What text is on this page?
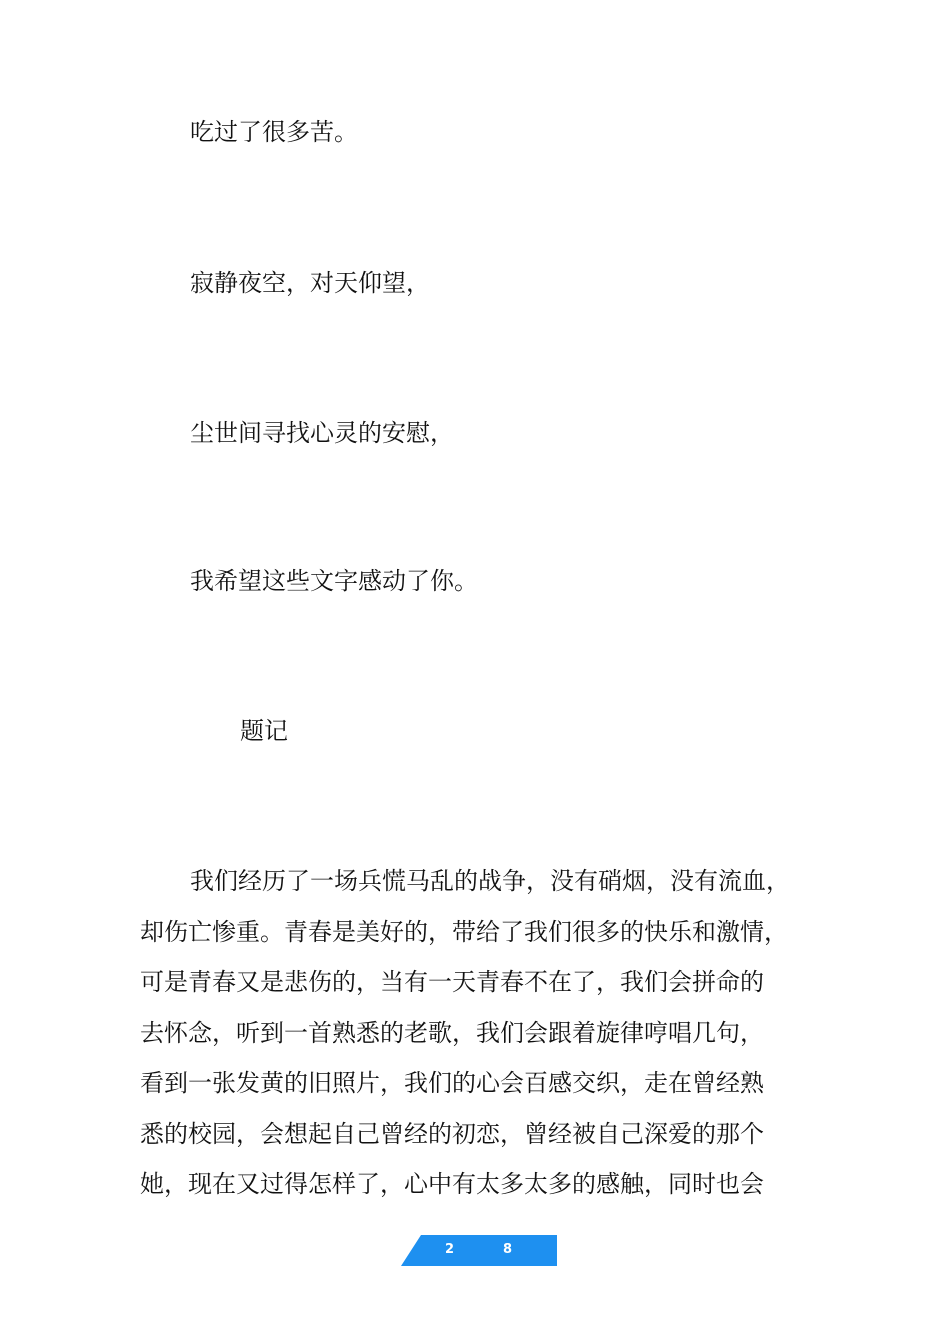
吃过了很多苦。

寂静夜空，对天仰望，

尘世间寻找心灵的安慰，

我希望这些文字感动了你。

题记

我们经历了一场兵慌马乱的战争，没有硝烟，没有流血，
却伤亡惨重。青春是美好的，带给了我们很多的快乐和激情，
可是青春又是悲伤的，当有一天青春不在了，我们会拼命的
去怀念，听到一首熟悉的老歌，我们会跟着旋律哼唱几句，
看到一张发黄的旧照片，我们的心会百感交织，走在曾经熟
悉的校园，会想起自己曾经的初恋，曾经被自己深爱的那个
她，现在又过得怎样了，心中有太多太多的感触，同时也会
2	8
